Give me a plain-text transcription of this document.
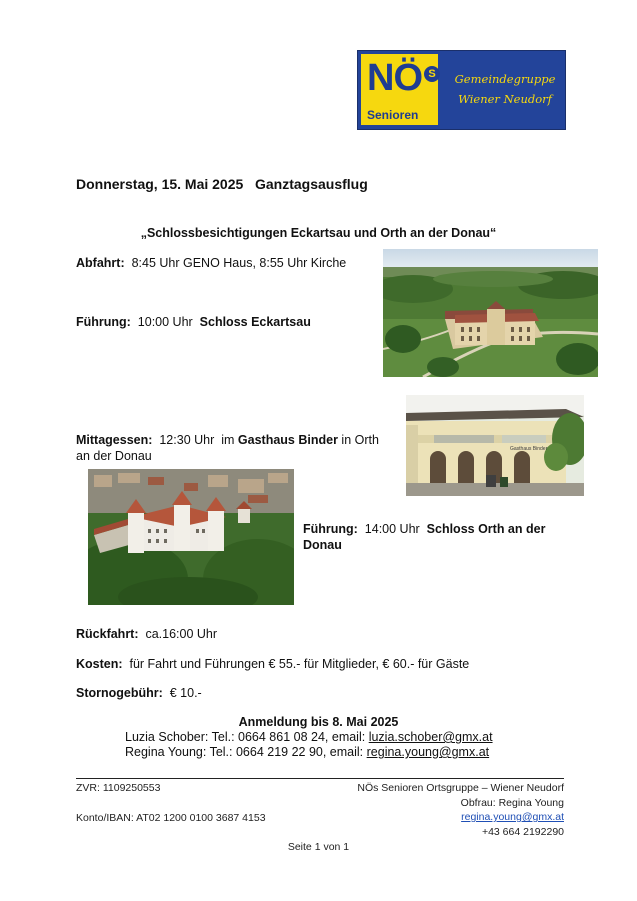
NÖ S
Senioren
Gemeindegruppe
Wiener Neudorf
Donnerstag, 15. Mai 2025 Ganztagsausflug
„Schlossbesichtigungen Eckartsau und Orth an der Donau“
Abfahrt: 8:45 Uhr GENO Haus, 8:55 Uhr Kirche
Führung: 10:00 Uhr Schloss Eckartsau
Gasthaus Binder
Mittagessen: 12:30 Uhr im Gasthaus Binder in Orth
an der Donau
Führung: 14:00 Uhr Schloss Orth an der
Donau
Rückfahrt: ca.16:00 Uhr
Kosten: für Fahrt und Führungen € 55.- für Mitglieder, € 60.- für Gäste
Stornogebühr: € 10.-
Anmeldung bis 8. Mai 2025
Luzia Schober: Tel.: 0664 861 08 24, email: luzia.schober@gmx.at
Regina Young: Tel.: 0664 219 22 90, email: regina.young@gmx.at
ZVR: 1109250553	NÖs Senioren Ortsgruppe – Wiener Neudorf
Obfrau: Regina Young
Konto/IBAN: AT02 1200 0100 3687 4153	regina.young@gmx.at
+43 664 2192290
Seite 1 von 1
